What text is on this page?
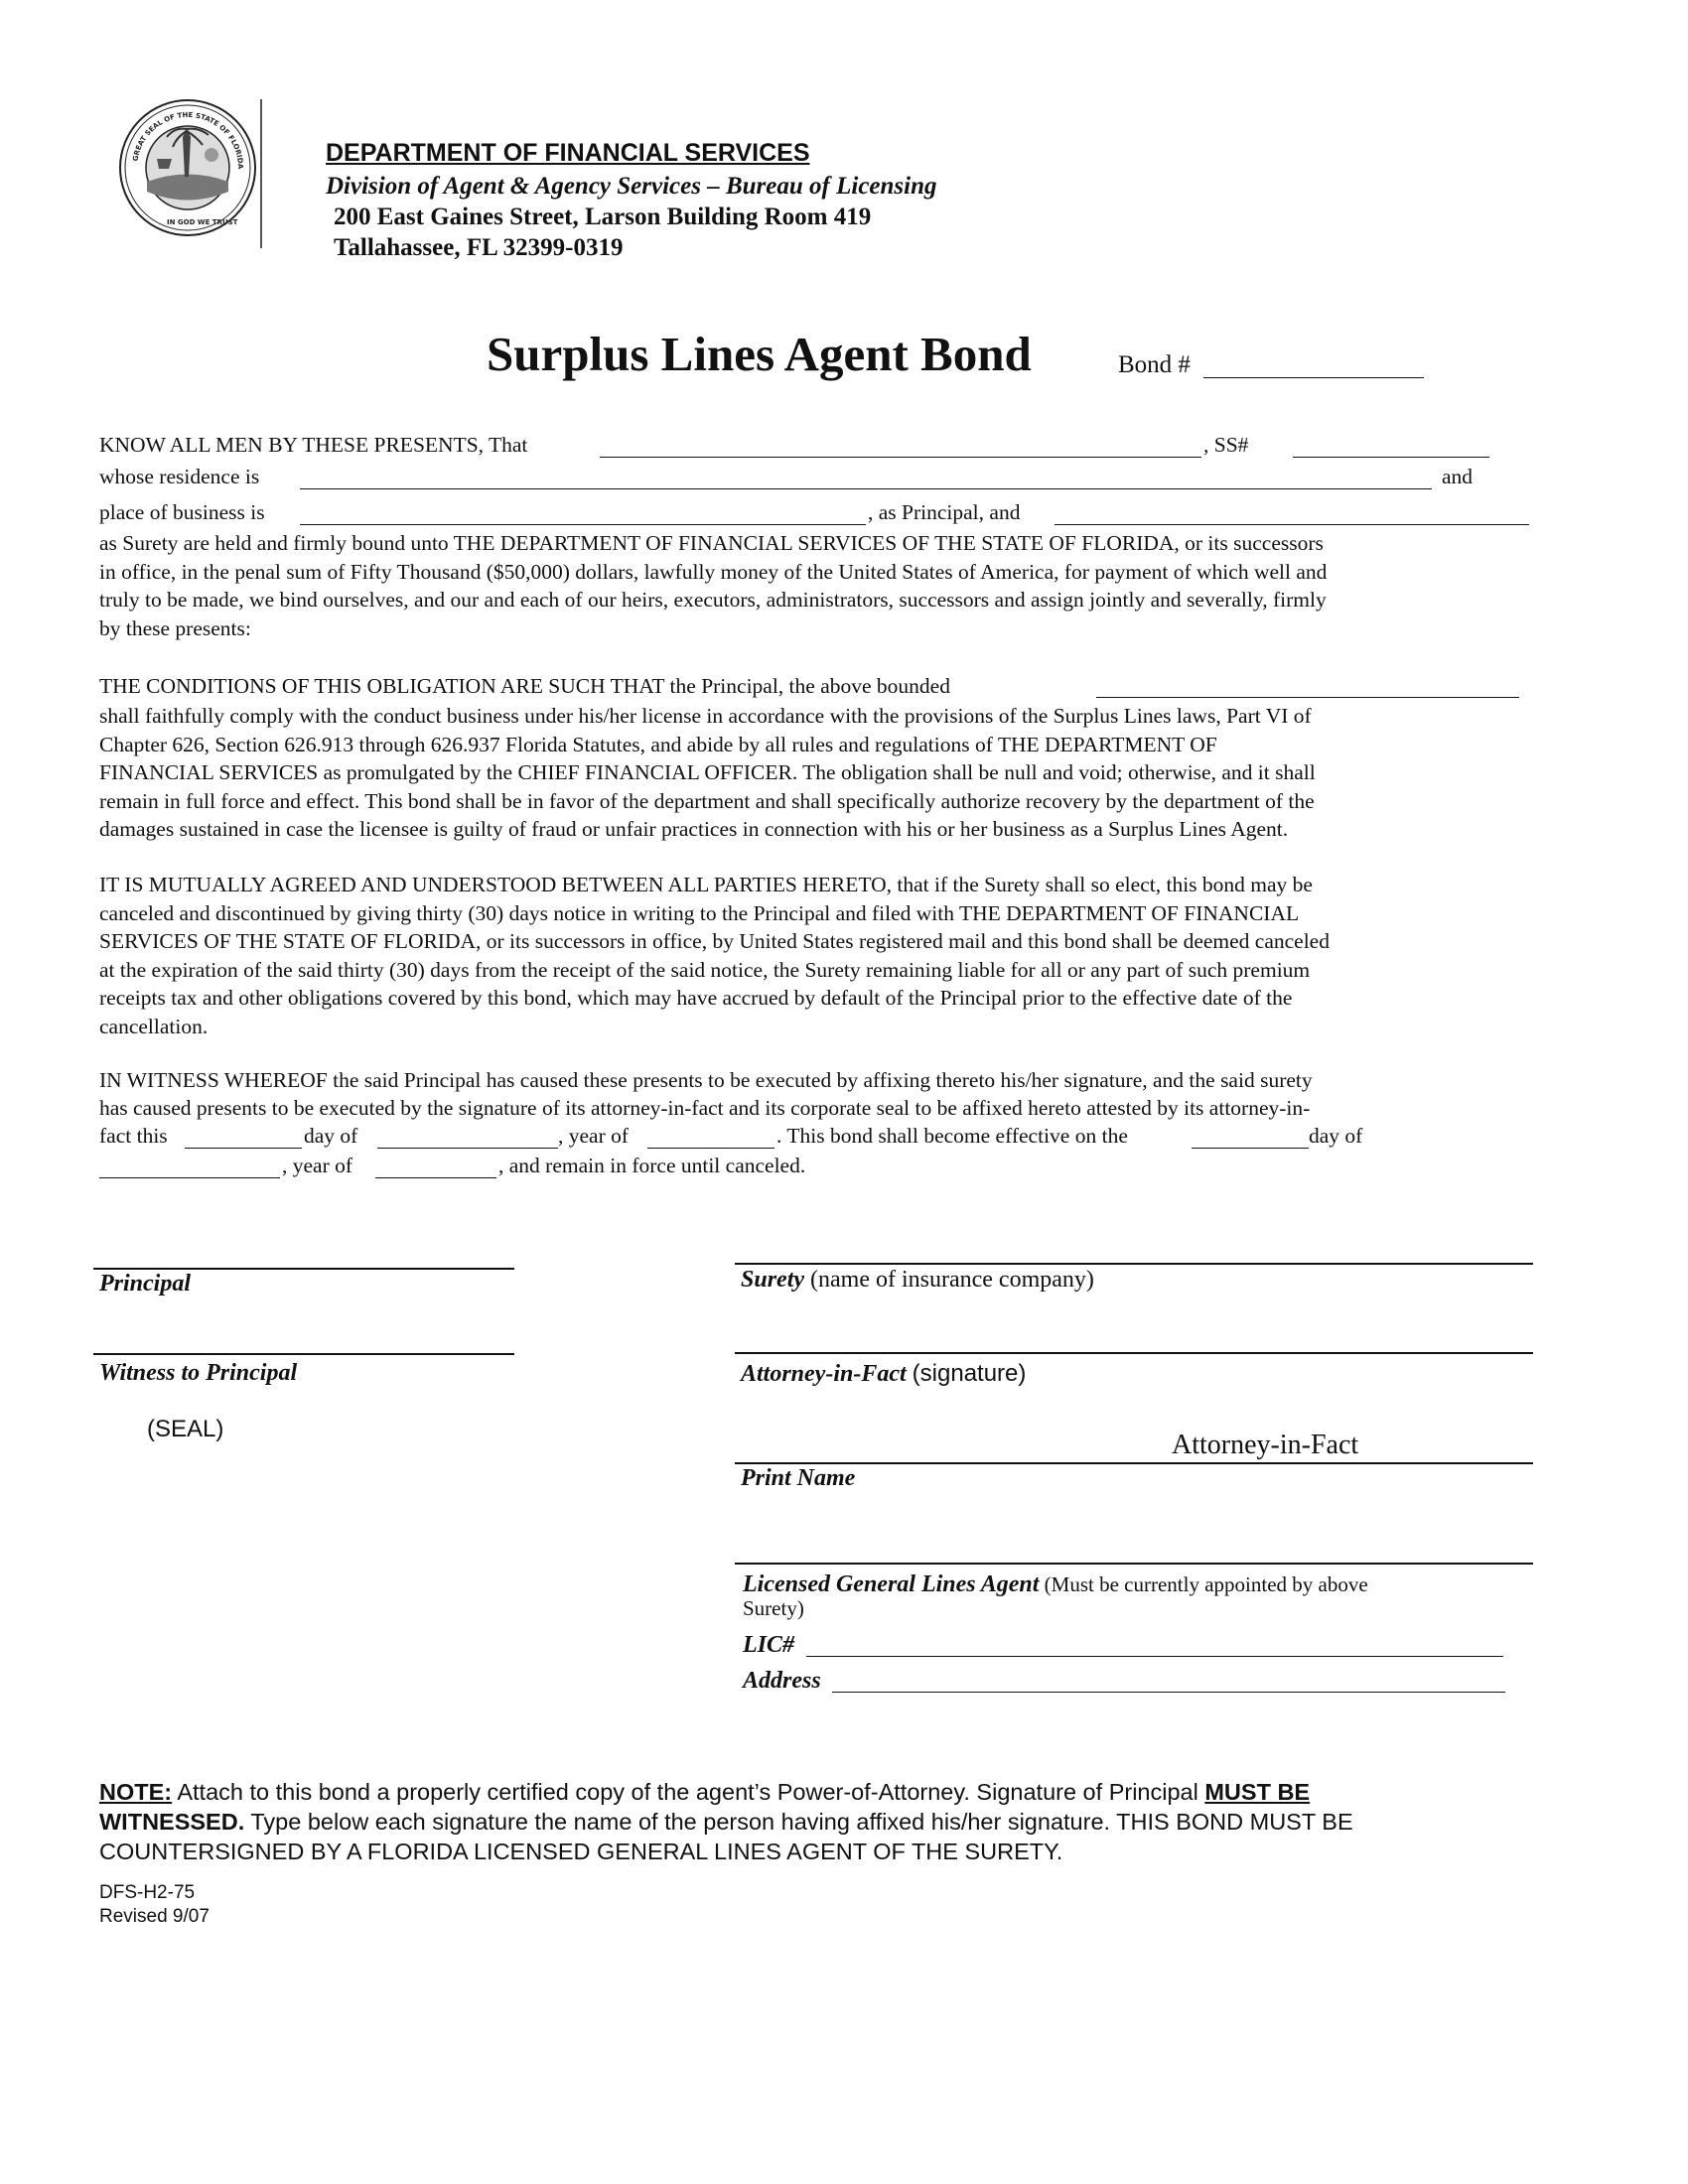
GREAT SEAL OF THE STATE OF FLORIDA
IN GOD WE TRUST
DEPARTMENT OF FINANCIAL SERVICES
Division of Agent & Agency Services – Bureau of Licensing
200 East Gaines Street, Larson Building Room 419
Tallahassee, FL 32399-0319
Surplus Lines Agent Bond	Bond #
KNOW ALL MEN BY THESE PRESENTS, That	, SS#
whose residence is	and
place of business is	, as Principal, and
as Surety are held and firmly bound unto THE DEPARTMENT OF FINANCIAL SERVICES OF THE STATE OF FLORIDA, or its successors
in office, in the penal sum of Fifty Thousand ($50,000) dollars, lawfully money of the United States of America, for payment of which well and
truly to be made, we bind ourselves, and our and each of our heirs, executors, administrators, successors and assign jointly and severally, firmly
by these presents:
THE CONDITIONS OF THIS OBLIGATION ARE SUCH THAT the Principal, the above bounded
shall faithfully comply with the conduct business under his/her license in accordance with the provisions of the Surplus Lines laws, Part VI of
Chapter 626, Section 626.913 through 626.937 Florida Statutes, and abide by all rules and regulations of THE DEPARTMENT OF
FINANCIAL SERVICES as promulgated by the CHIEF FINANCIAL OFFICER. The obligation shall be null and void; otherwise, and it shall
remain in full force and effect. This bond shall be in favor of the department and shall specifically authorize recovery by the department of the
damages sustained in case the licensee is guilty of fraud or unfair practices in connection with his or her business as a Surplus Lines Agent.
IT IS MUTUALLY AGREED AND UNDERSTOOD BETWEEN ALL PARTIES HERETO, that if the Surety shall so elect, this bond may be
canceled and discontinued by giving thirty (30) days notice in writing to the Principal and filed with THE DEPARTMENT OF FINANCIAL
SERVICES OF THE STATE OF FLORIDA, or its successors in office, by United States registered mail and this bond shall be deemed canceled
at the expiration of the said thirty (30) days from the receipt of the said notice, the Surety remaining liable for all or any part of such premium
receipts tax and other obligations covered by this bond, which may have accrued by default of the Principal prior to the effective date of the
cancellation.
IN WITNESS WHEREOF the said Principal has caused these presents to be executed by affixing thereto his/her signature, and the said surety
has caused presents to be executed by the signature of its attorney-in-fact and its corporate seal to be affixed hereto attested by its attorney-in-
fact this	day of	, year of	. This bond shall become effective on the	day of
, year of	, and remain in force until canceled.
Principal
Witness to Principal
(SEAL)
Surety (name of insurance company)
Attorney-in-Fact (signature)
Attorney-in-Fact
Print Name
Licensed General Lines Agent (Must be currently appointed by above
Surety)
LIC#
Address
NOTE: Attach to this bond a properly certified copy of the agent’s Power-of-Attorney. Signature of Principal MUST BE
WITNESSED. Type below each signature the name of the person having affixed his/her signature. THIS BOND MUST BE COUNTERSIGNED BY A FLORIDA LICENSED GENERAL LINES AGENT OF THE SURETY.
DFS-H2-75
Revised 9/07
